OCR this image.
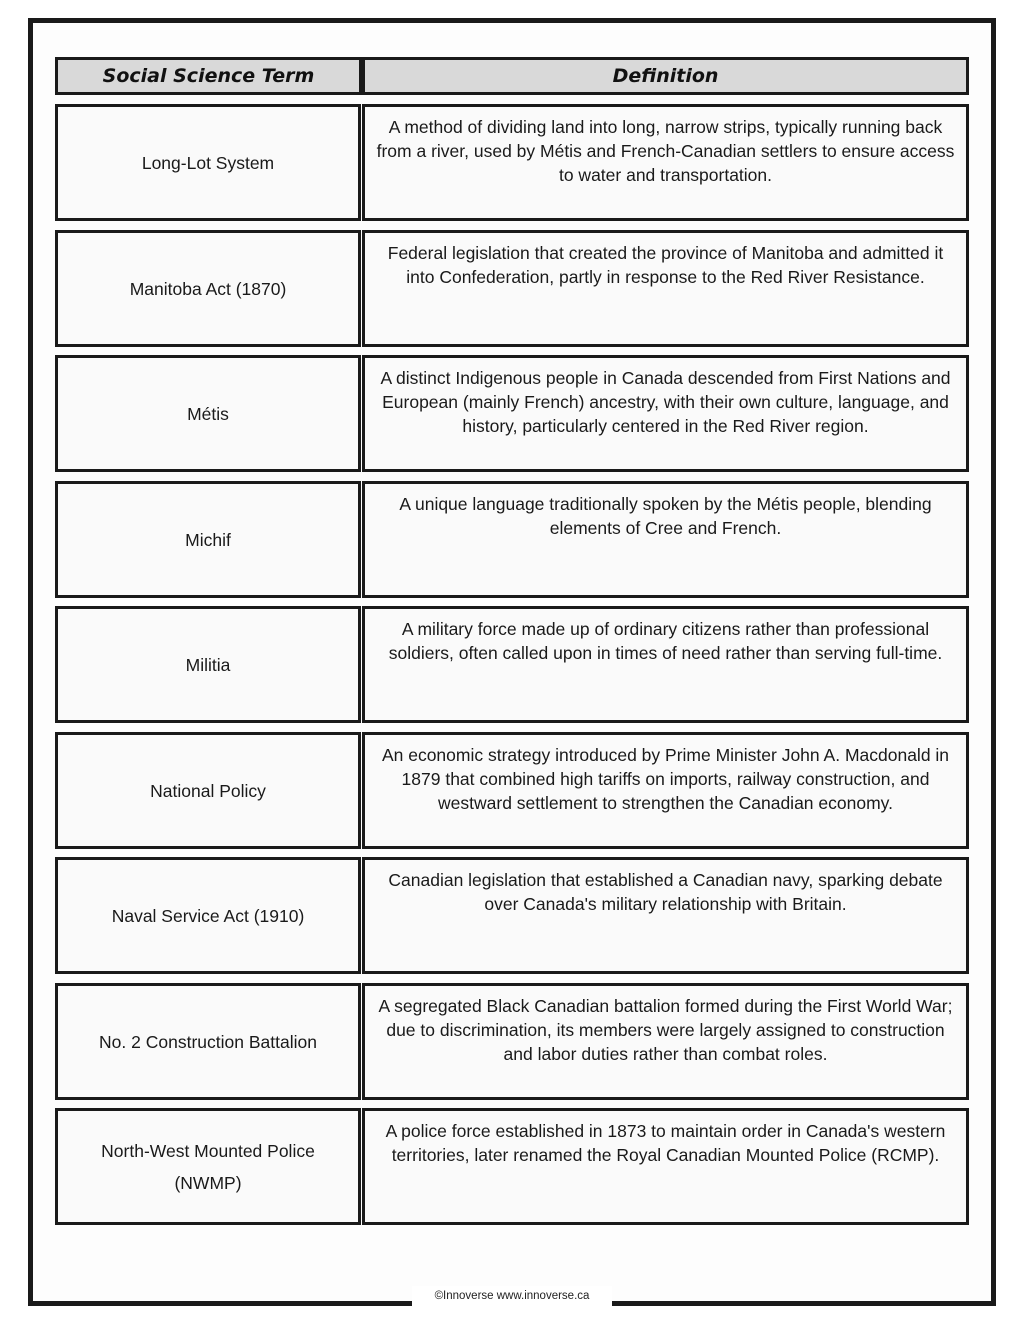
Social Science Term	Definition
Long-Lot System
A method of dividing land into long, narrow strips, typically running back from a river, used by Métis and French-Canadian settlers to ensure access to water and transportation.
Manitoba Act (1870)
Federal legislation that created the province of Manitoba and admitted it into Confederation, partly in response to the Red River Resistance.
Métis
A distinct Indigenous people in Canada descended from First Nations and European (mainly French) ancestry, with their own culture, language, and history, particularly centered in the Red River region.
Michif
A unique language traditionally spoken by the Métis people, blending elements of Cree and French.
Militia
A military force made up of ordinary citizens rather than professional soldiers, often called upon in times of need rather than serving full-time.
National Policy
An economic strategy introduced by Prime Minister John A. Macdonald in 1879 that combined high tariffs on imports, railway construction, and westward settlement to strengthen the Canadian economy.
Naval Service Act (1910)
Canadian legislation that established a Canadian navy, sparking debate over Canada's military relationship with Britain.
No. 2 Construction Battalion
A segregated Black Canadian battalion formed during the First World War; due to discrimination, its members were largely assigned to construction and labor duties rather than combat roles.
North-West Mounted Police (NWMP)
A police force established in 1873 to maintain order in Canada's western territories, later renamed the Royal Canadian Mounted Police (RCMP).
©Innoverse www.innoverse.ca
